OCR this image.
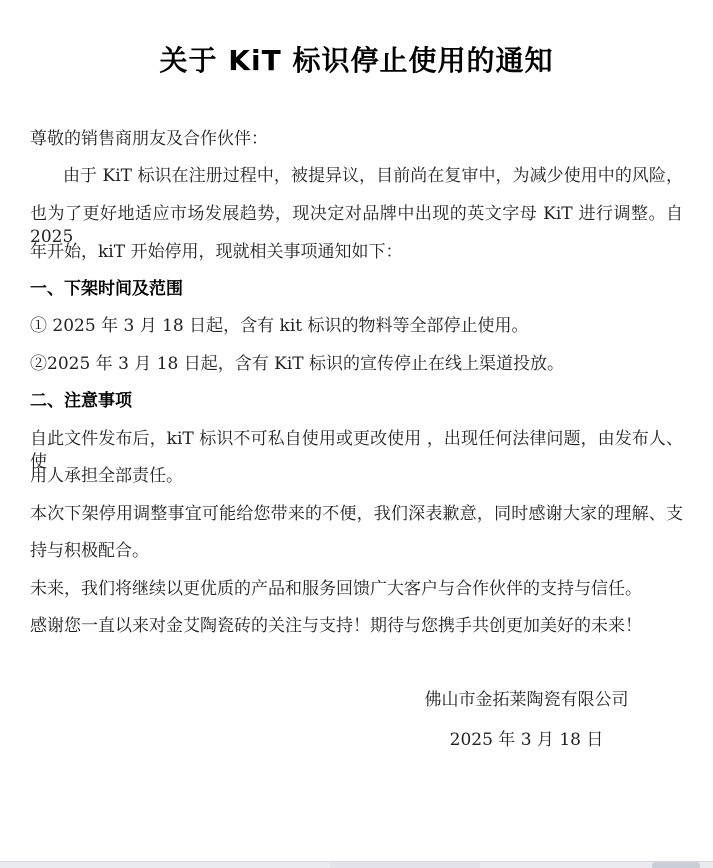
关于 KiT 标识停止使用的通知
尊敬的销售商朋友及合作伙伴：
由于 KiT 标识在注册过程中，被提异议，目前尚在复审中，为减少使用中的风险，
也为了更好地适应市场发展趋势，现决定对品牌中出现的英文字母 KiT 进行调整。自 2025
年开始，kiT 开始停用，现就相关事项通知如下：
一、下架时间及范围
① 2025 年 3 月 18 日起，含有 kit 标识的物料等全部停止使用。
②2025 年 3 月 18 日起，含有 KiT 标识的宣传停止在线上渠道投放。
二、注意事项
自此文件发布后，kiT 标识不可私自使用或更改使用 ，出现任何法律问题，由发布人、使
用人承担全部责任。
本次下架停用调整事宜可能给您带来的不便，我们深表歉意，同时感谢大家的理解、支
持与积极配合。
未来，我们将继续以更优质的产品和服务回馈广大客户与合作伙伴的支持与信任。
感谢您一直以来对金艾陶瓷砖的关注与支持！期待与您携手共创更加美好的未来！
佛山市金拓莱陶瓷有限公司
2025 年 3 月 18 日
